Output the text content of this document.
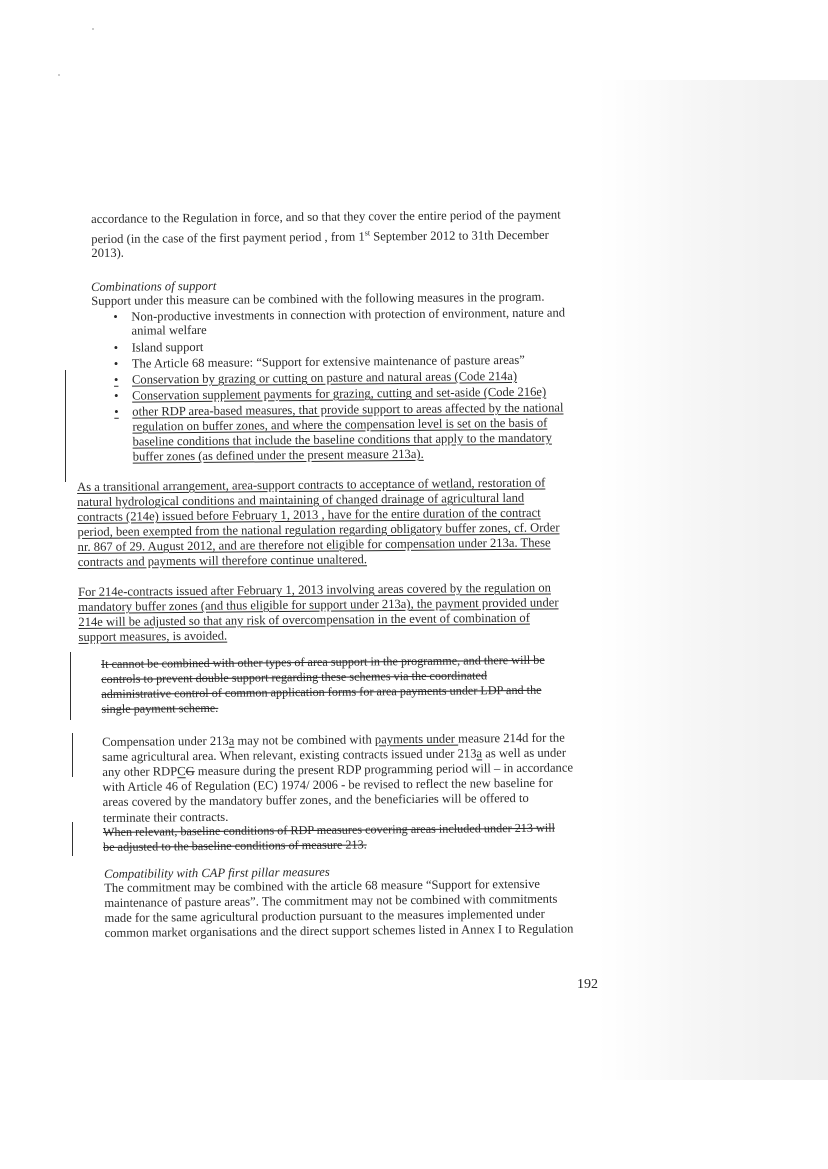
accordance to the Regulation in force, and so that they cover the entire period of the payment
period (in the case of the first payment period , from 1st September 2012 to 31th December
2013).
Combinations of support
Support under this measure can be combined with the following measures in the program.
• Non-productive investments in connection with protection of environment, nature and
animal welfare
• Island support
• The Article 68 measure: “Support for extensive maintenance of pasture areas”
• Conservation by grazing or cutting on pasture and natural areas (Code 214a)
• Conservation supplement payments for grazing, cutting and set-aside (Code 216e)
• other RDP area-based measures, that provide support to areas affected by the national
regulation on buffer zones, and where the compensation level is set on the basis of
baseline conditions that include the baseline conditions that apply to the mandatory
buffer zones (as defined under the present measure 213a).
As a transitional arrangement, area-support contracts to acceptance of wetland, restoration of
natural hydrological conditions and maintaining of changed drainage of agricultural land
contracts (214e) issued before February 1, 2013 , have for the entire duration of the contract
period, been exempted from the national regulation regarding obligatory buffer zones, cf. Order
nr. 867 of 29. August 2012, and are therefore not eligible for compensation under 213a. These
contracts and payments will therefore continue unaltered.
For 214e-contracts issued after February 1, 2013 involving areas covered by the regulation on
mandatory buffer zones (and thus eligible for support under 213a), the payment provided under
214e will be adjusted so that any risk of overcompensation in the event of combination of
support measures, is avoided.
It cannot be combined with other types of area support in the programme, and there will be
controls to prevent double support regarding these schemes via the coordinated
administrative control of common application forms for area payments under LDP and the
single payment scheme.
Compensation under 213a may not be combined with payments under measure 214d for the
same agricultural area. When relevant, existing contracts issued under 213a as well as under
any other RDPCG measure during the present RDP programming period will – in accordance
with Article 46 of Regulation (EC) 1974/ 2006 - be revised to reflect the new baseline for
areas covered by the mandatory buffer zones, and the beneficiaries will be offered to
terminate their contracts.
When relevant, baseline conditions of RDP measures covering areas included under 213 will
be adjusted to the baseline conditions of measure 213.
Compatibility with CAP first pillar measures
The commitment may be combined with the article 68 measure “Support for extensive
maintenance of pasture areas”. The commitment may not be combined with commitments
made for the same agricultural production pursuant to the measures implemented under
common market organisations and the direct support schemes listed in Annex I to Regulation
192
